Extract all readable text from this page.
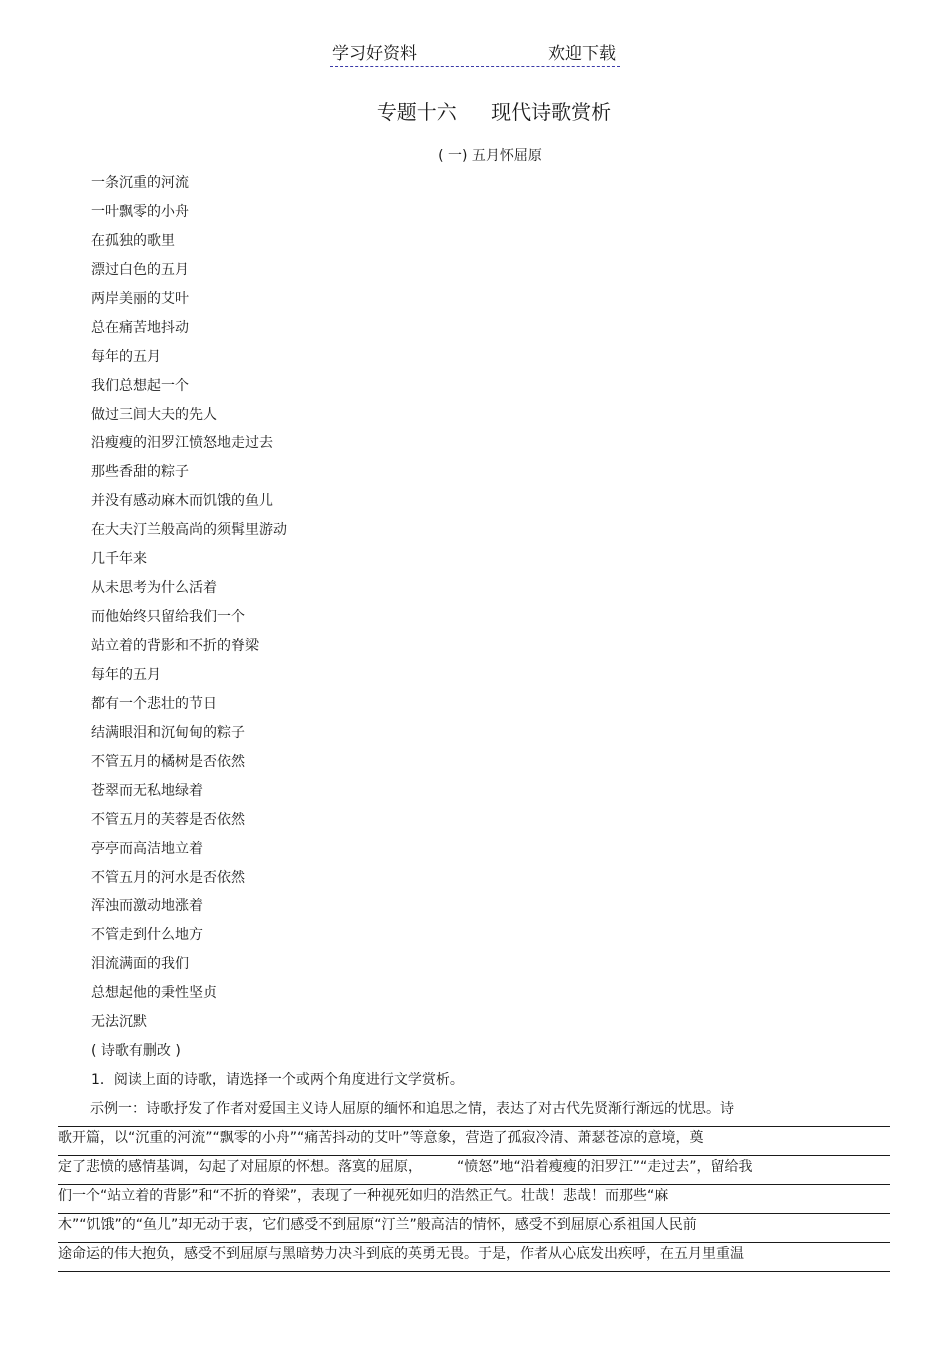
学习好资料	欢迎下载
专题十六 现代诗歌赏析
( 一) 五月怀屈原
一条沉重的河流
一叶飘零的小舟
在孤独的歌里
漂过白色的五月
两岸美丽的艾叶
总在痛苦地抖动
每年的五月
我们总想起一个
做过三闾大夫的先人
沿瘦瘦的汨罗江愤怒地走过去
那些香甜的粽子
并没有感动麻木而饥饿的鱼儿
在大夫汀兰般高尚的须髯里游动
几千年来
从未思考为什么活着
而他始终只留给我们一个
站立着的背影和不折的脊梁
每年的五月
都有一个悲壮的节日
结满眼泪和沉甸甸的粽子
不管五月的橘树是否依然
苍翠而无私地绿着
不管五月的芙蓉是否依然
亭亭而高洁地立着
不管五月的河水是否依然
浑浊而激动地涨着
不管走到什么地方
泪流满面的我们
总想起他的秉性坚贞
无法沉默
( 诗歌有删改 )
1．阅读上面的诗歌，请选择一个或两个角度进行文学赏析。
示例一：诗歌抒发了作者对爱国主义诗人屈原的缅怀和追思之情，表达了对古代先贤渐行渐远的忧思。诗
歌开篇，以“沉重的河流”“飘零的小舟”“痛苦抖动的艾叶”等意象，营造了孤寂冷清、萧瑟苍凉的意境，奠
定了悲愤的感情基调，勾起了对屈原的怀想。落寞的屈原，　　　“愤怒”地“沿着瘦瘦的汨罗江”“走过去”，留给我
们一个“站立着的背影”和“不折的脊梁”，表现了一种视死如归的浩然正气。壮哉！悲哉！而那些“麻
木”“饥饿”的“鱼儿”却无动于衷，它们感受不到屈原“汀兰”般高洁的情怀，感受不到屈原心系祖国人民前
途命运的伟大抱负，感受不到屈原与黑暗势力决斗到底的英勇无畏。于是，作者从心底发出疾呼，在五月里重温
